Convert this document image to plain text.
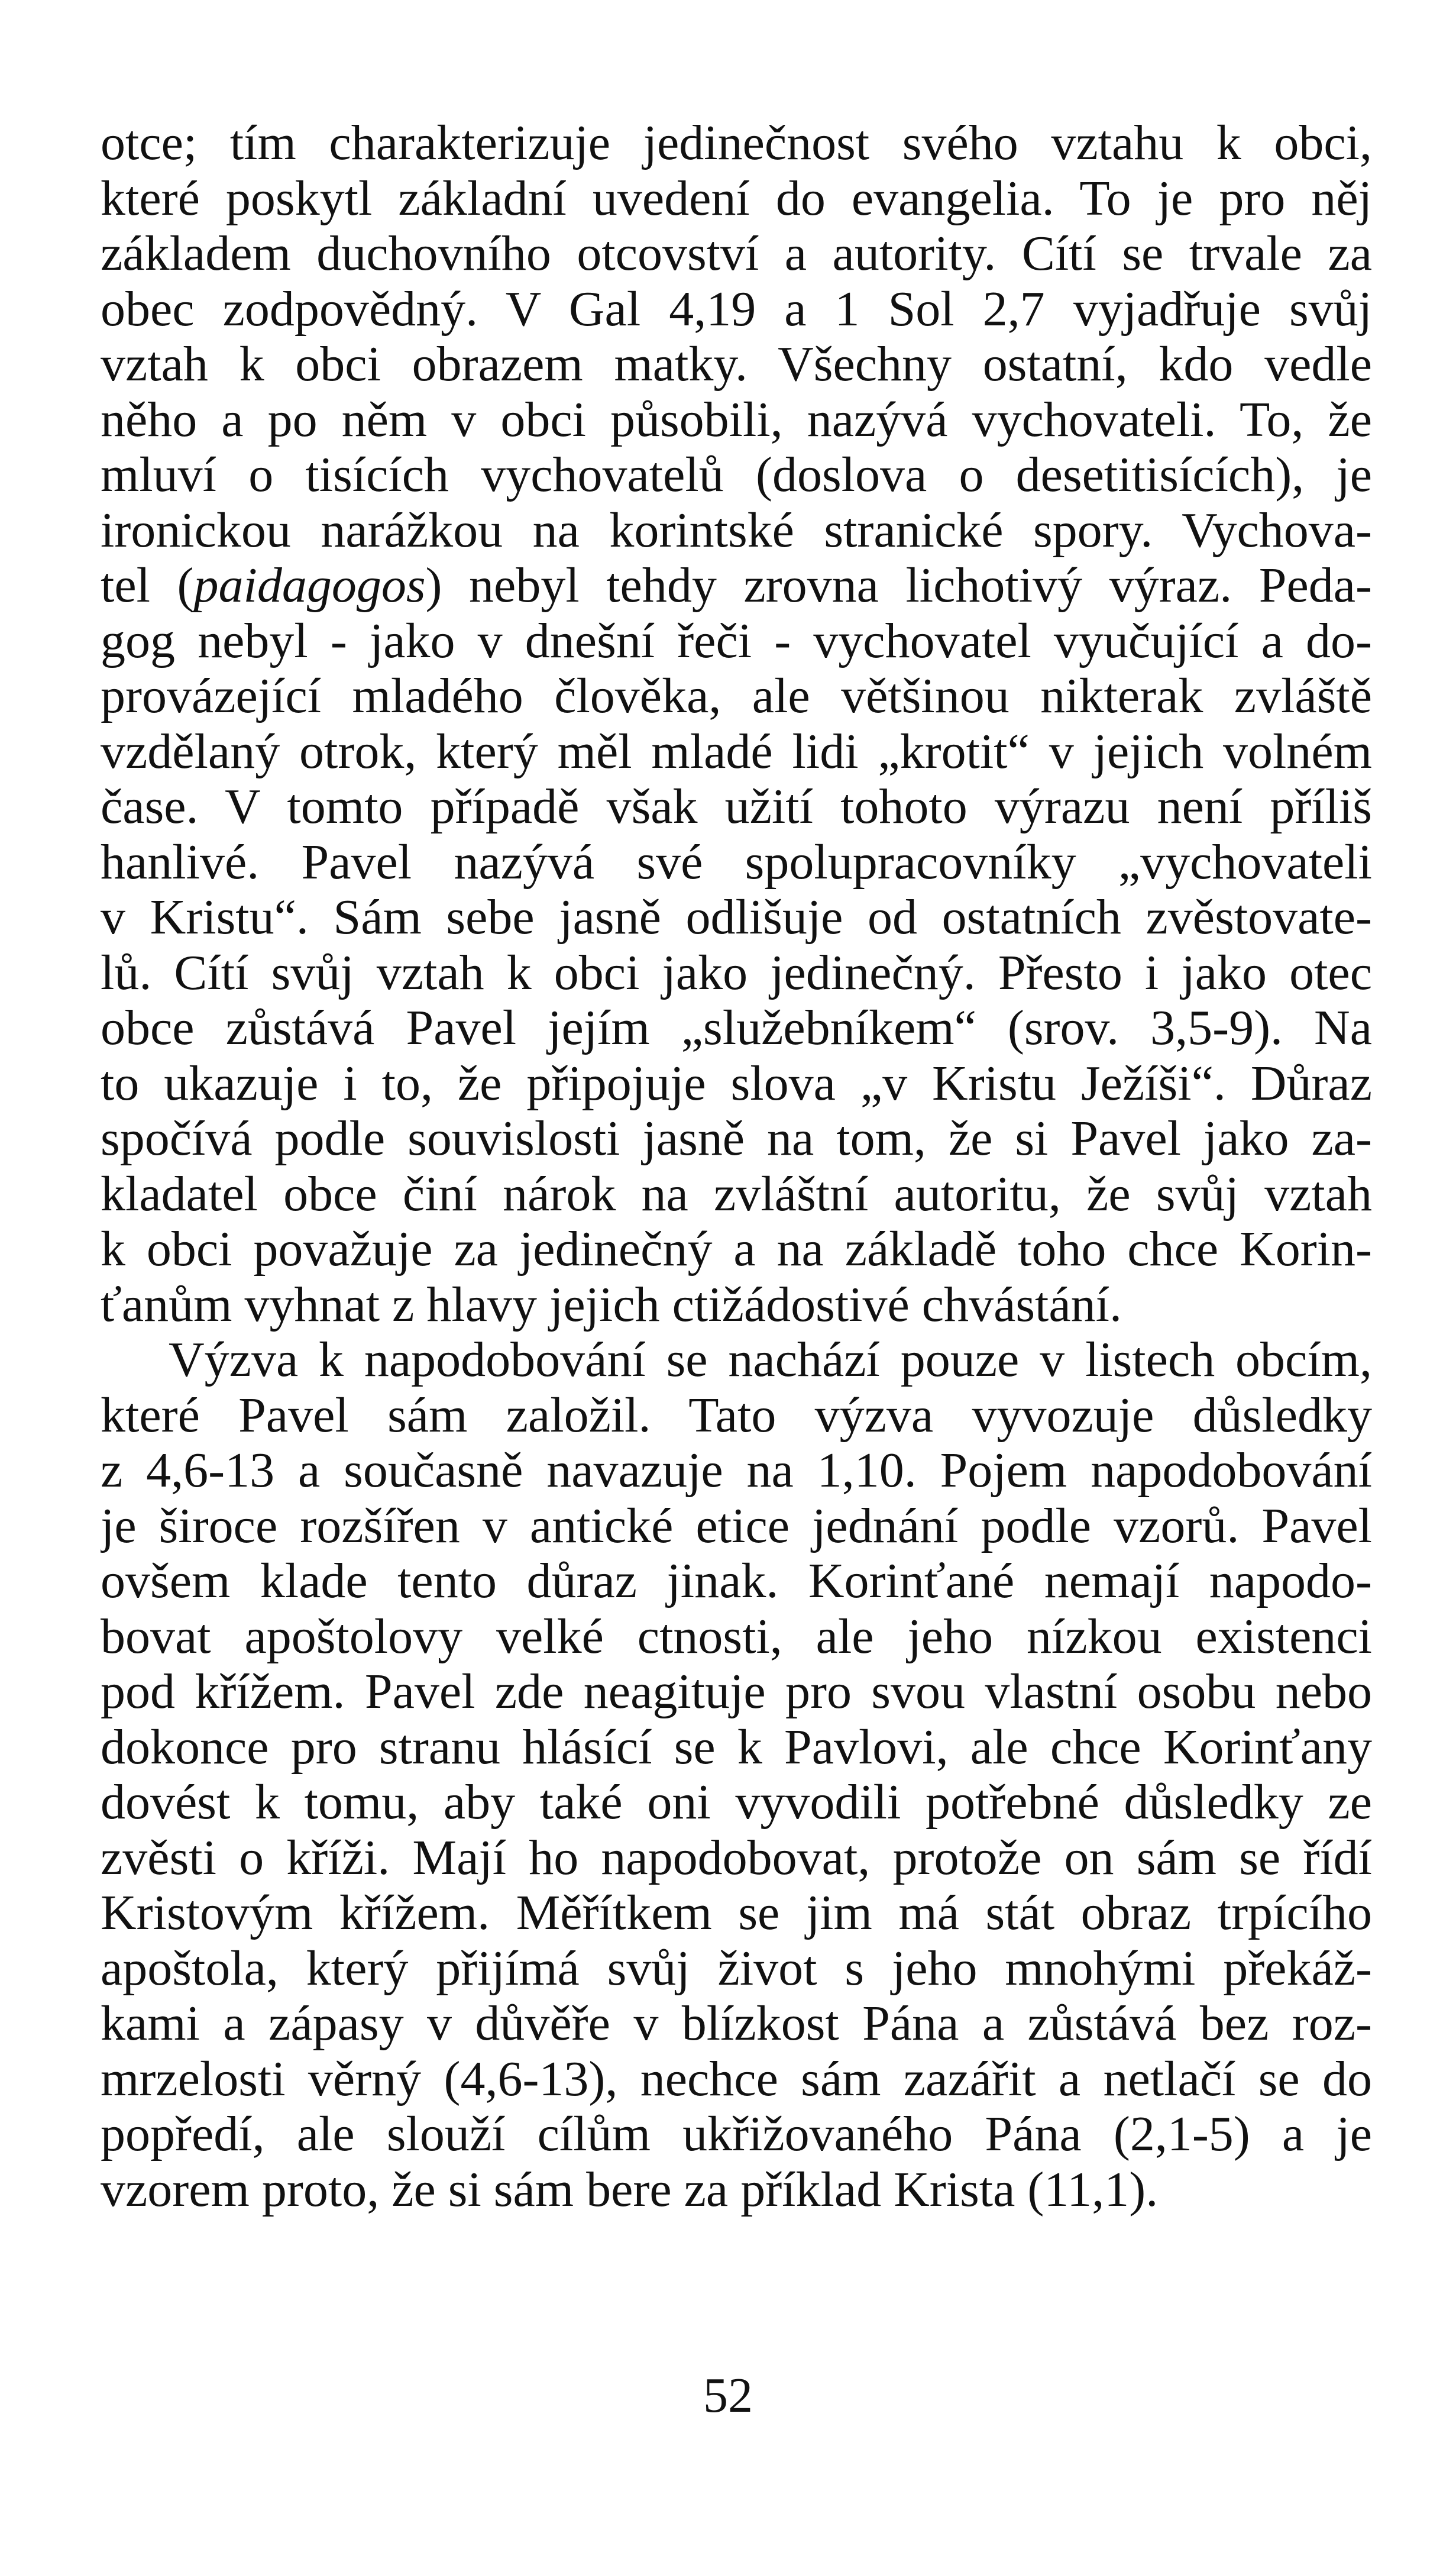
otce; tím charakterizuje jedinečnost svého vztahu k obci,
které poskytl základní uvedení do evangelia. To je pro něj
základem duchovního otcovství a autority. Cítí se trvale za
obec zodpovědný. V Gal 4,19 a 1 Sol 2,7 vyjadřuje svůj
vztah k obci obrazem matky. Všechny ostatní, kdo vedle
něho a po něm v obci působili, nazývá vychovateli. To, že
mluví o tisících vychovatelů (doslova o desetitisících), je
ironickou narážkou na korintské stranické spory. Vychova-
tel (paidagogos) nebyl tehdy zrovna lichotivý výraz. Peda-
gog nebyl - jako v dnešní řeči - vychovatel vyučující a do-
provázející mladého člověka, ale většinou nikterak zvláště
vzdělaný otrok, který měl mladé lidi „krotit“ v jejich volném
čase. V tomto případě však užití tohoto výrazu není příliš
hanlivé. Pavel nazývá své spolupracovníky „vychovateli
v Kristu“. Sám sebe jasně odlišuje od ostatních zvěstovate-
lů. Cítí svůj vztah k obci jako jedinečný. Přesto i jako otec
obce zůstává Pavel jejím „služebníkem“ (srov. 3,5-9). Na
to ukazuje i to, že připojuje slova „v Kristu Ježíši“. Důraz
spočívá podle souvislosti jasně na tom, že si Pavel jako za-
kladatel obce činí nárok na zvláštní autoritu, že svůj vztah
k obci považuje za jedinečný a na základě toho chce Korin-
ťanům vyhnat z hlavy jejich ctižádostivé chvástání.
Výzva k napodobování se nachází pouze v listech obcím,
které Pavel sám založil. Tato výzva vyvozuje důsledky
z 4,6-13 a současně navazuje na 1,10. Pojem napodobování
je široce rozšířen v antické etice jednání podle vzorů. Pavel
ovšem klade tento důraz jinak. Korinťané nemají napodo-
bovat apoštolovy velké ctnosti, ale jeho nízkou existenci
pod křížem. Pavel zde neagituje pro svou vlastní osobu nebo
dokonce pro stranu hlásící se k Pavlovi, ale chce Korinťany
dovést k tomu, aby také oni vyvodili potřebné důsledky ze
zvěsti o kříži. Mají ho napodobovat, protože on sám se řídí
Kristovým křížem. Měřítkem se jim má stát obraz trpícího
apoštola, který přijímá svůj život s jeho mnohými překáž-
kami a zápasy v důvěře v blízkost Pána a zůstává bez roz-
mrzelosti věrný (4,6-13), nechce sám zazářit a netlačí se do
popředí, ale slouží cílům ukřižovaného Pána (2,1-5) a je
vzorem proto, že si sám bere za příklad Krista (11,1).
52
